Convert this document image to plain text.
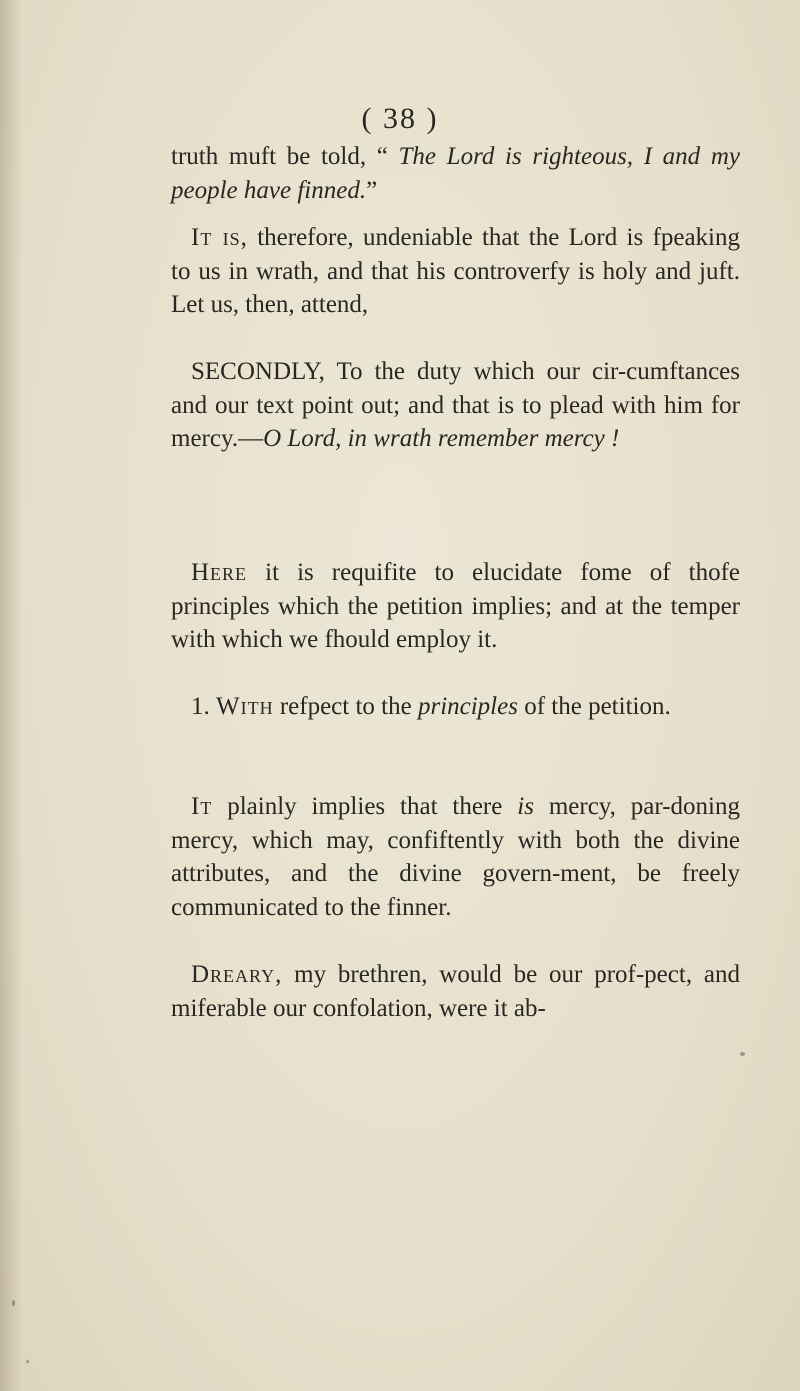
( 38 )

truth muft be told, “ The Lord is righteous, I and my people have finned.”

It is, therefore, undeniable that the Lord is fpeaking to us in wrath, and that his controverfy is holy and juft. Let us, then, attend,

SECONDLY, To the duty which our cir-cumftances and our text point out; and that is to plead with him for mercy.—O Lord, in wrath remember mercy !

Here it is requifite to elucidate fome of thofe principles which the petition implies; and at the temper with which we fhould employ it.

1. With refpect to the principles of the petition.

It plainly implies that there is mercy, par-doning mercy, which may, confiftently with both the divine attributes, and the divine govern-ment, be freely communicated to the finner.

Dreary, my brethren, would be our prof-pect, and miferable our confolation, were it ab-
